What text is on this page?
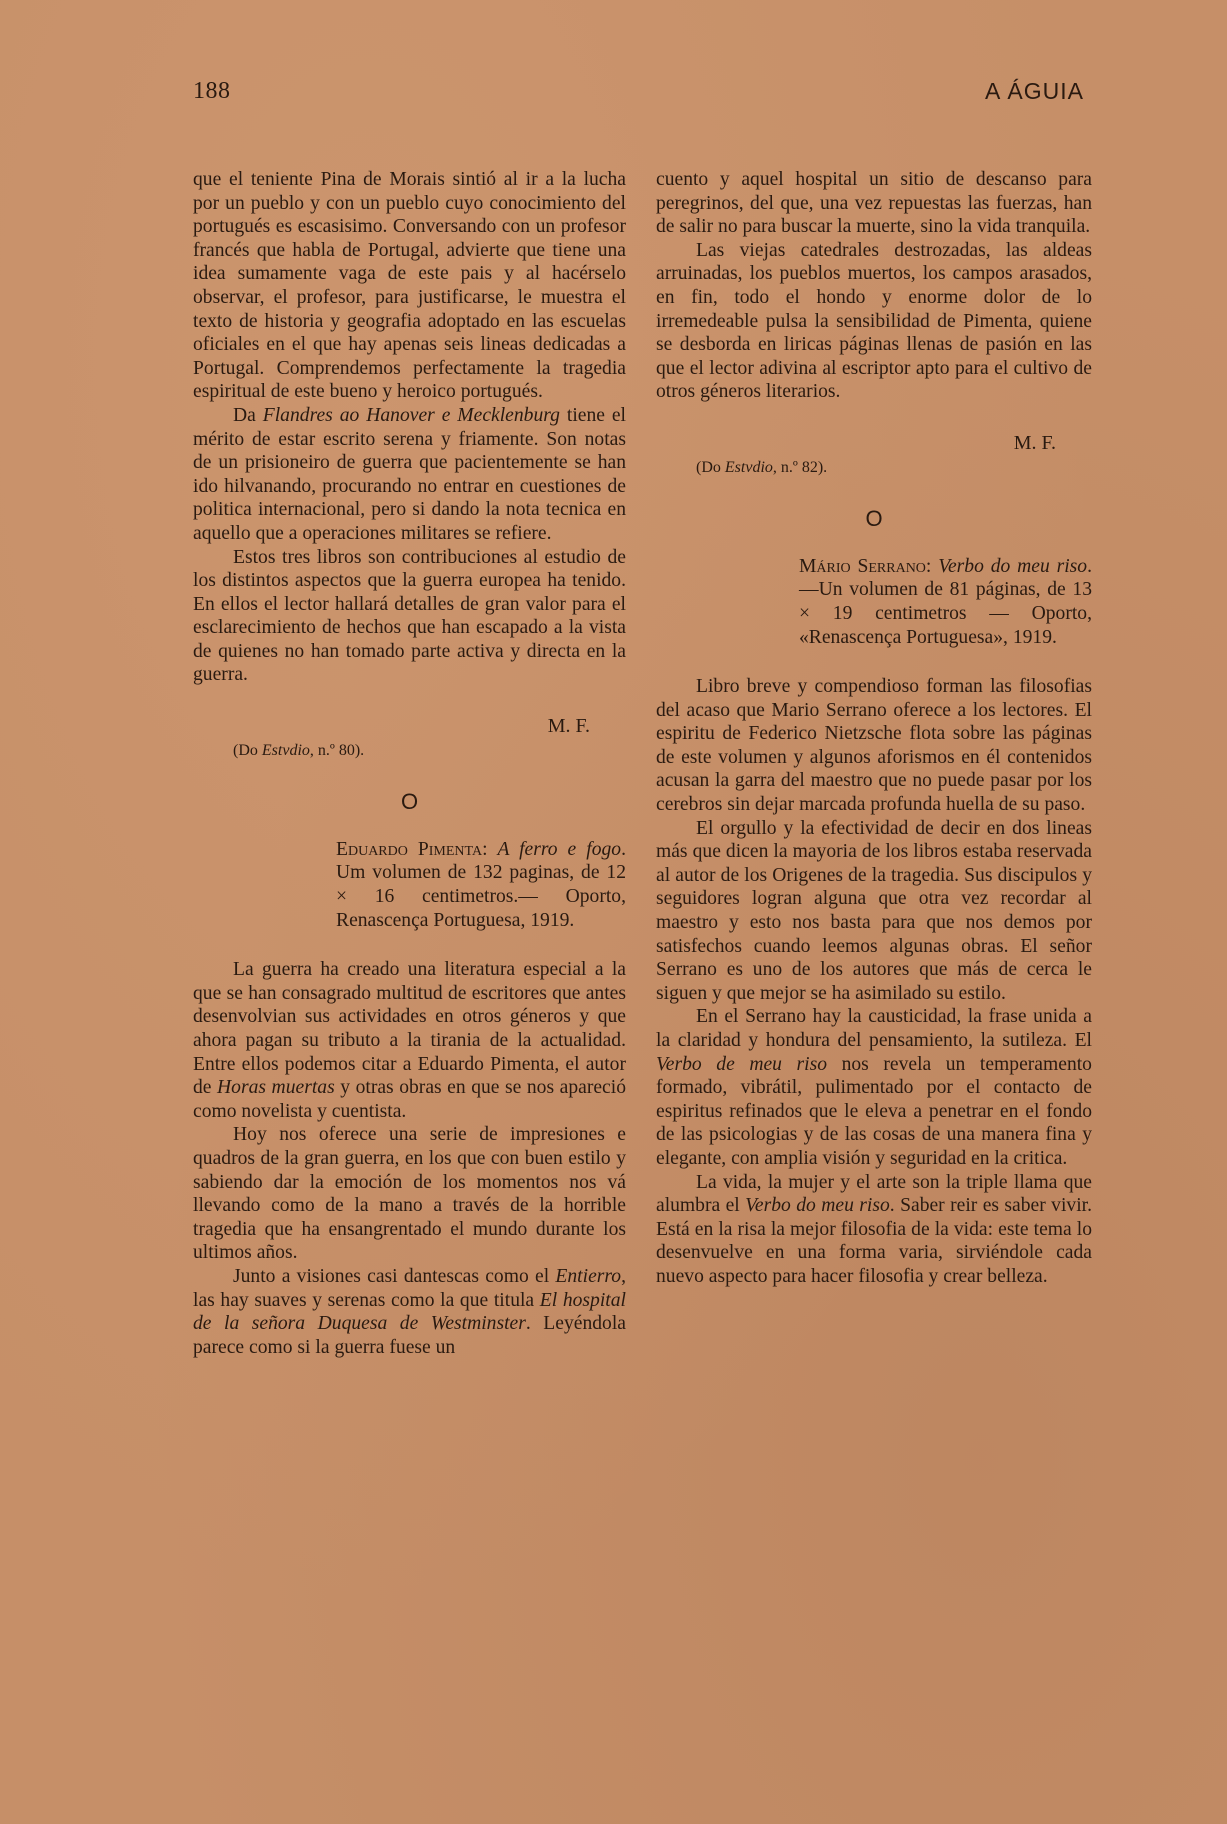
188	A ÁGUIA

que el teniente Pina de Morais sintió al ir a la lucha por un pueblo y con un pueblo cuyo conocimiento del portugués es escasisimo. Conversando con un profesor francés que habla de Portugal, advierte que tiene una idea sumamente vaga de este pais y al hacérselo observar, el profesor, para justificarse, le muestra el texto de historia y geografia adoptado en las escuelas oficiales en el que hay apenas seis lineas dedicadas a Portugal. Comprendemos perfectamente la tragedia espiritual de este bueno y heroico portugués.

Da Flandres ao Hanover e Mecklenburg tiene el mérito de estar escrito serena y friamente. Son notas de un prisioneiro de guerra que pacientemente se han ido hilvanando, procurando no entrar en cuestiones de politica internacional, pero si dando la nota tecnica en aquello que a operaciones militares se refiere.

Estos tres libros son contribuciones al estudio de los distintos aspectos que la guerra europea ha tenido. En ellos el lector hallará detalles de gran valor para el esclarecimiento de hechos que han escapado a la vista de quienes no han tomado parte activa y directa en la guerra.

M. F.
(Do Estvdio, n.º 80).
O

Eduardo Pimenta: A ferro e fogo. Um volumen de 132 paginas, de 12 × 16 centimetros.— Oporto, Renascença Portuguesa, 1919.

La guerra ha creado una literatura especial a la que se han consagrado multitud de escritores que antes desenvolvian sus actividades en otros géneros y que ahora pagan su tributo a la tirania de la actualidad. Entre ellos podemos citar a Eduardo Pimenta, el autor de Horas muertas y otras obras en que se nos apareció como novelista y cuentista.

Hoy nos oferece una serie de impresiones e quadros de la gran guerra, en los que con buen estilo y sabiendo dar la emoción de los momentos nos vá llevando como de la mano a través de la horrible tragedia que ha ensangrentado el mundo durante los ultimos años.

Junto a visiones casi dantescas como el Entierro, las hay suaves y serenas como la que titula El hospital de la señora Duquesa de Westminster. Leyéndola parece como si la guerra fuese un

cuento y aquel hospital un sitio de descanso para peregrinos, del que, una vez repuestas las fuerzas, han de salir no para buscar la muerte, sino la vida tranquila.

Las viejas catedrales destrozadas, las aldeas arruinadas, los pueblos muertos, los campos arasados, en fin, todo el hondo y enorme dolor de lo irremedeable pulsa la sensibilidad de Pimenta, quiene se desborda en liricas páginas llenas de pasión en las que el lector adivina al escriptor apto para el cultivo de otros géneros literarios.

M. F.
(Do Estvdio, n.º 82).
O

Mário Serrano: Verbo do meu riso.—Un volumen de 81 páginas, de 13 × 19 centimetros — Oporto, «Renascença Portuguesa», 1919.

Libro breve y compendioso forman las filosofias del acaso que Mario Serrano oferece a los lectores. El espiritu de Federico Nietzsche flota sobre las páginas de este volumen y algunos aforismos en él contenidos acusan la garra del maestro que no puede pasar por los cerebros sin dejar marcada profunda huella de su paso.

El orgullo y la efectividad de decir en dos lineas más que dicen la mayoria de los libros estaba reservada al autor de los Origenes de la tragedia. Sus discipulos y seguidores logran alguna que otra vez recordar al maestro y esto nos basta para que nos demos por satisfechos cuando leemos algunas obras. El señor Serrano es uno de los autores que más de cerca le siguen y que mejor se ha asimilado su estilo.

En el Serrano hay la causticidad, la frase unida a la claridad y hondura del pensamiento, la sutileza. El Verbo de meu riso nos revela un temperamento formado, vibrátil, pulimentado por el contacto de espiritus refinados que le eleva a penetrar en el fondo de las psicologias y de las cosas de una manera fina y elegante, con amplia visión y seguridad en la critica.

La vida, la mujer y el arte son la triple llama que alumbra el Verbo do meu riso. Saber reir es saber vivir. Está en la risa la mejor filosofia de la vida: este tema lo desenvuelve en una forma varia, sirviéndole cada nuevo aspecto para hacer filosofia y crear belleza.
